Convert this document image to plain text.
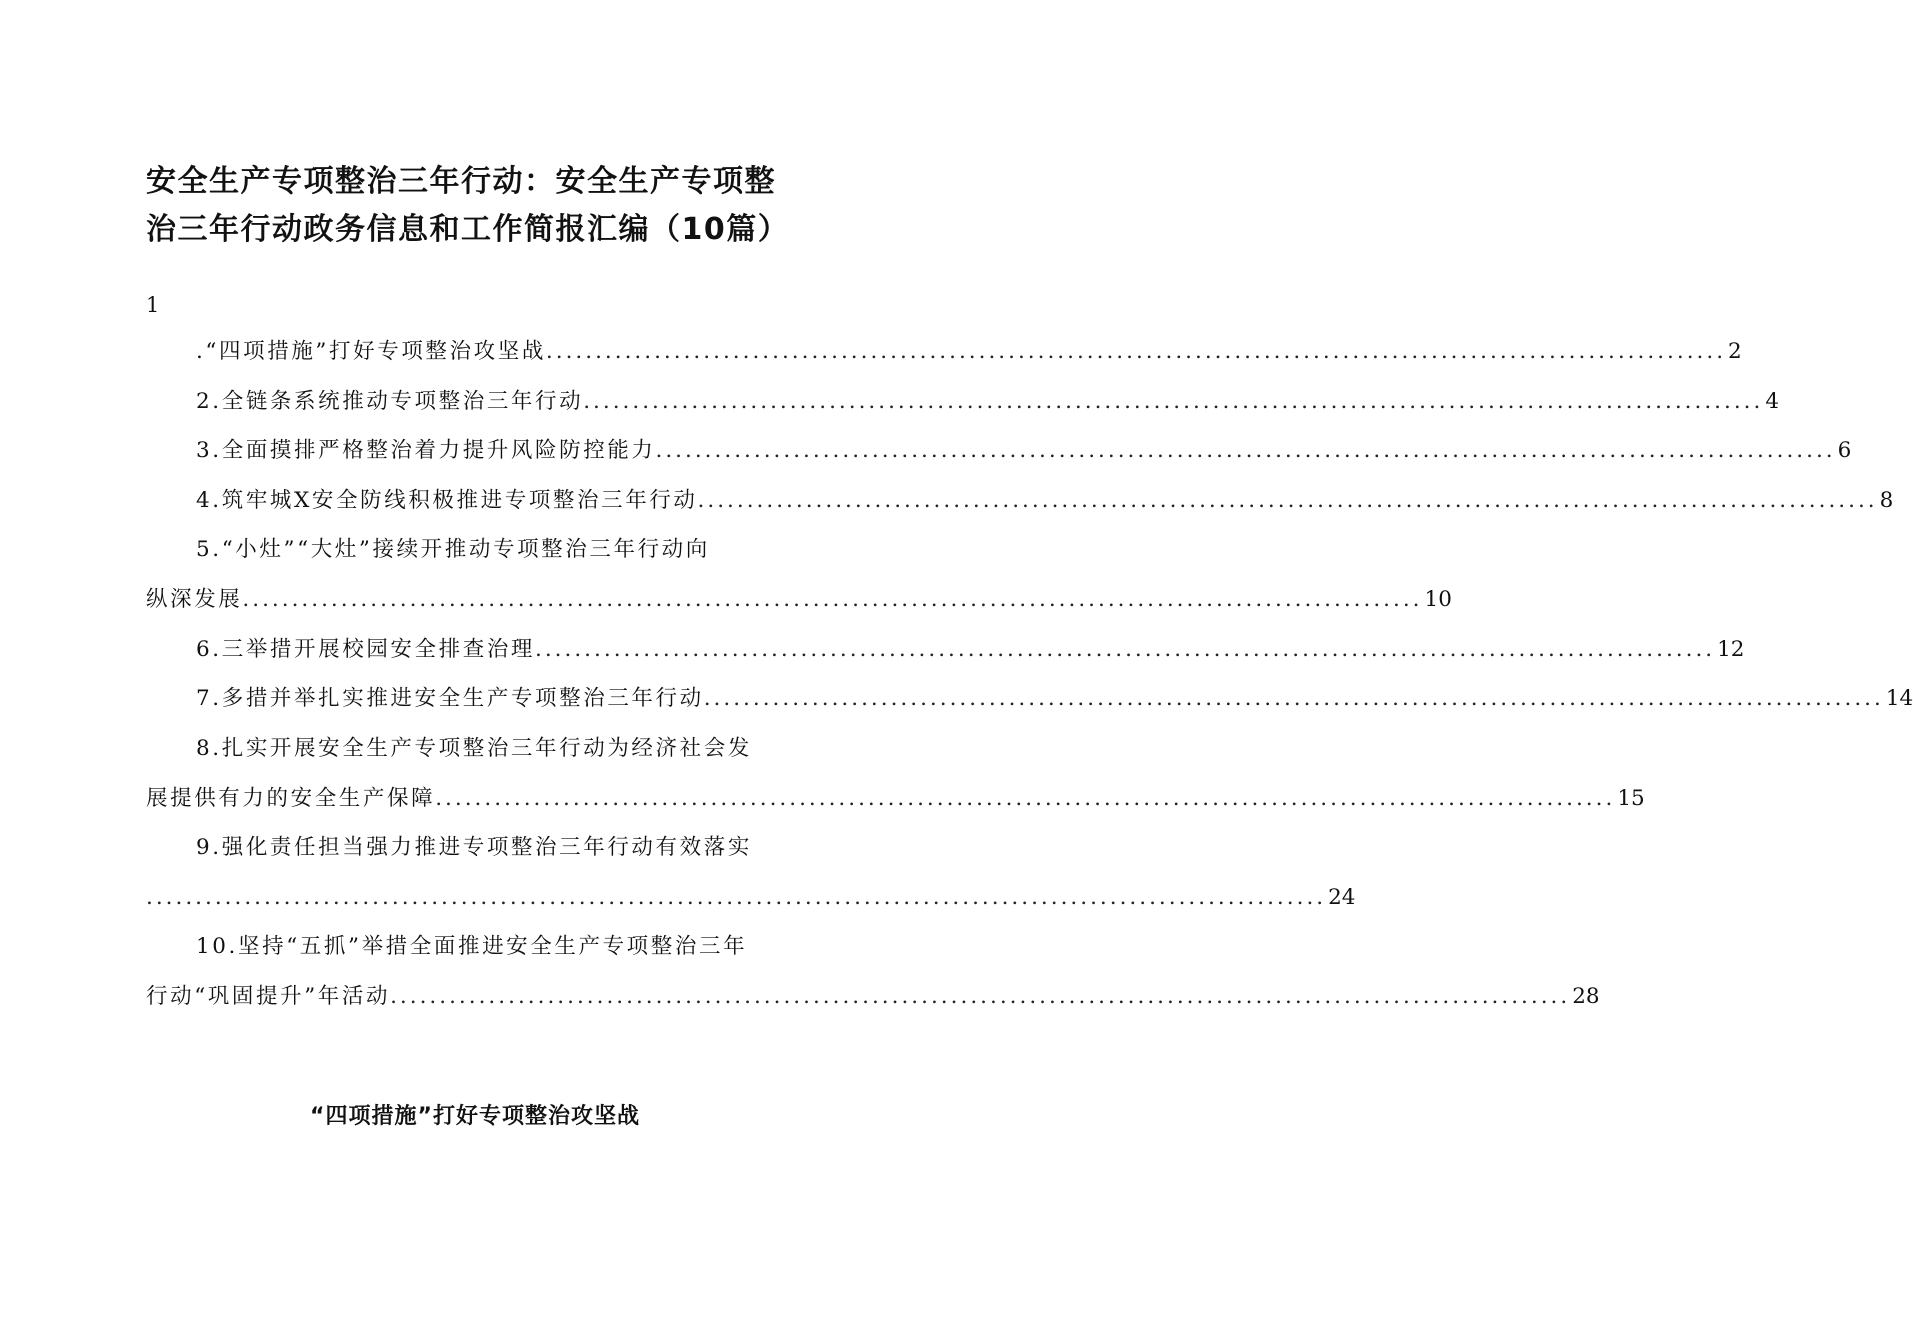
安全生产专项整治三年行动：安全生产专项整
治三年行动政务信息和工作简报汇编（10篇）
1
.“四项措施”打好专项整治攻坚战 ........................................................................................................................ 2
2.全链条系统推动专项整治三年行动 ........................................................................................................................ 4
3.全面摸排严格整治着力提升风险防控能力 ........................................................................................................................ 6
4.筑牢城X安全防线积极推进专项整治三年行动 ........................................................................................................................ 8
5.“小灶”“大灶”接续开推动专项整治三年行动向
纵深发展 ........................................................................................................................ 10
6.三举措开展校园安全排查治理 ........................................................................................................................ 12
7.多措并举扎实推进安全生产专项整治三年行动 ........................................................................................................................ 14
8.扎实开展安全生产专项整治三年行动为经济社会发
展提供有力的安全生产保障 ........................................................................................................................ 15
9.强化责任担当强力推进专项整治三年行动有效落实
........................................................................................................................ 24
10.坚持“五抓”举措全面推进安全生产专项整治三年
行动“巩固提升”年活动 ........................................................................................................................ 28
“四项措施”打好专项整治攻坚战
